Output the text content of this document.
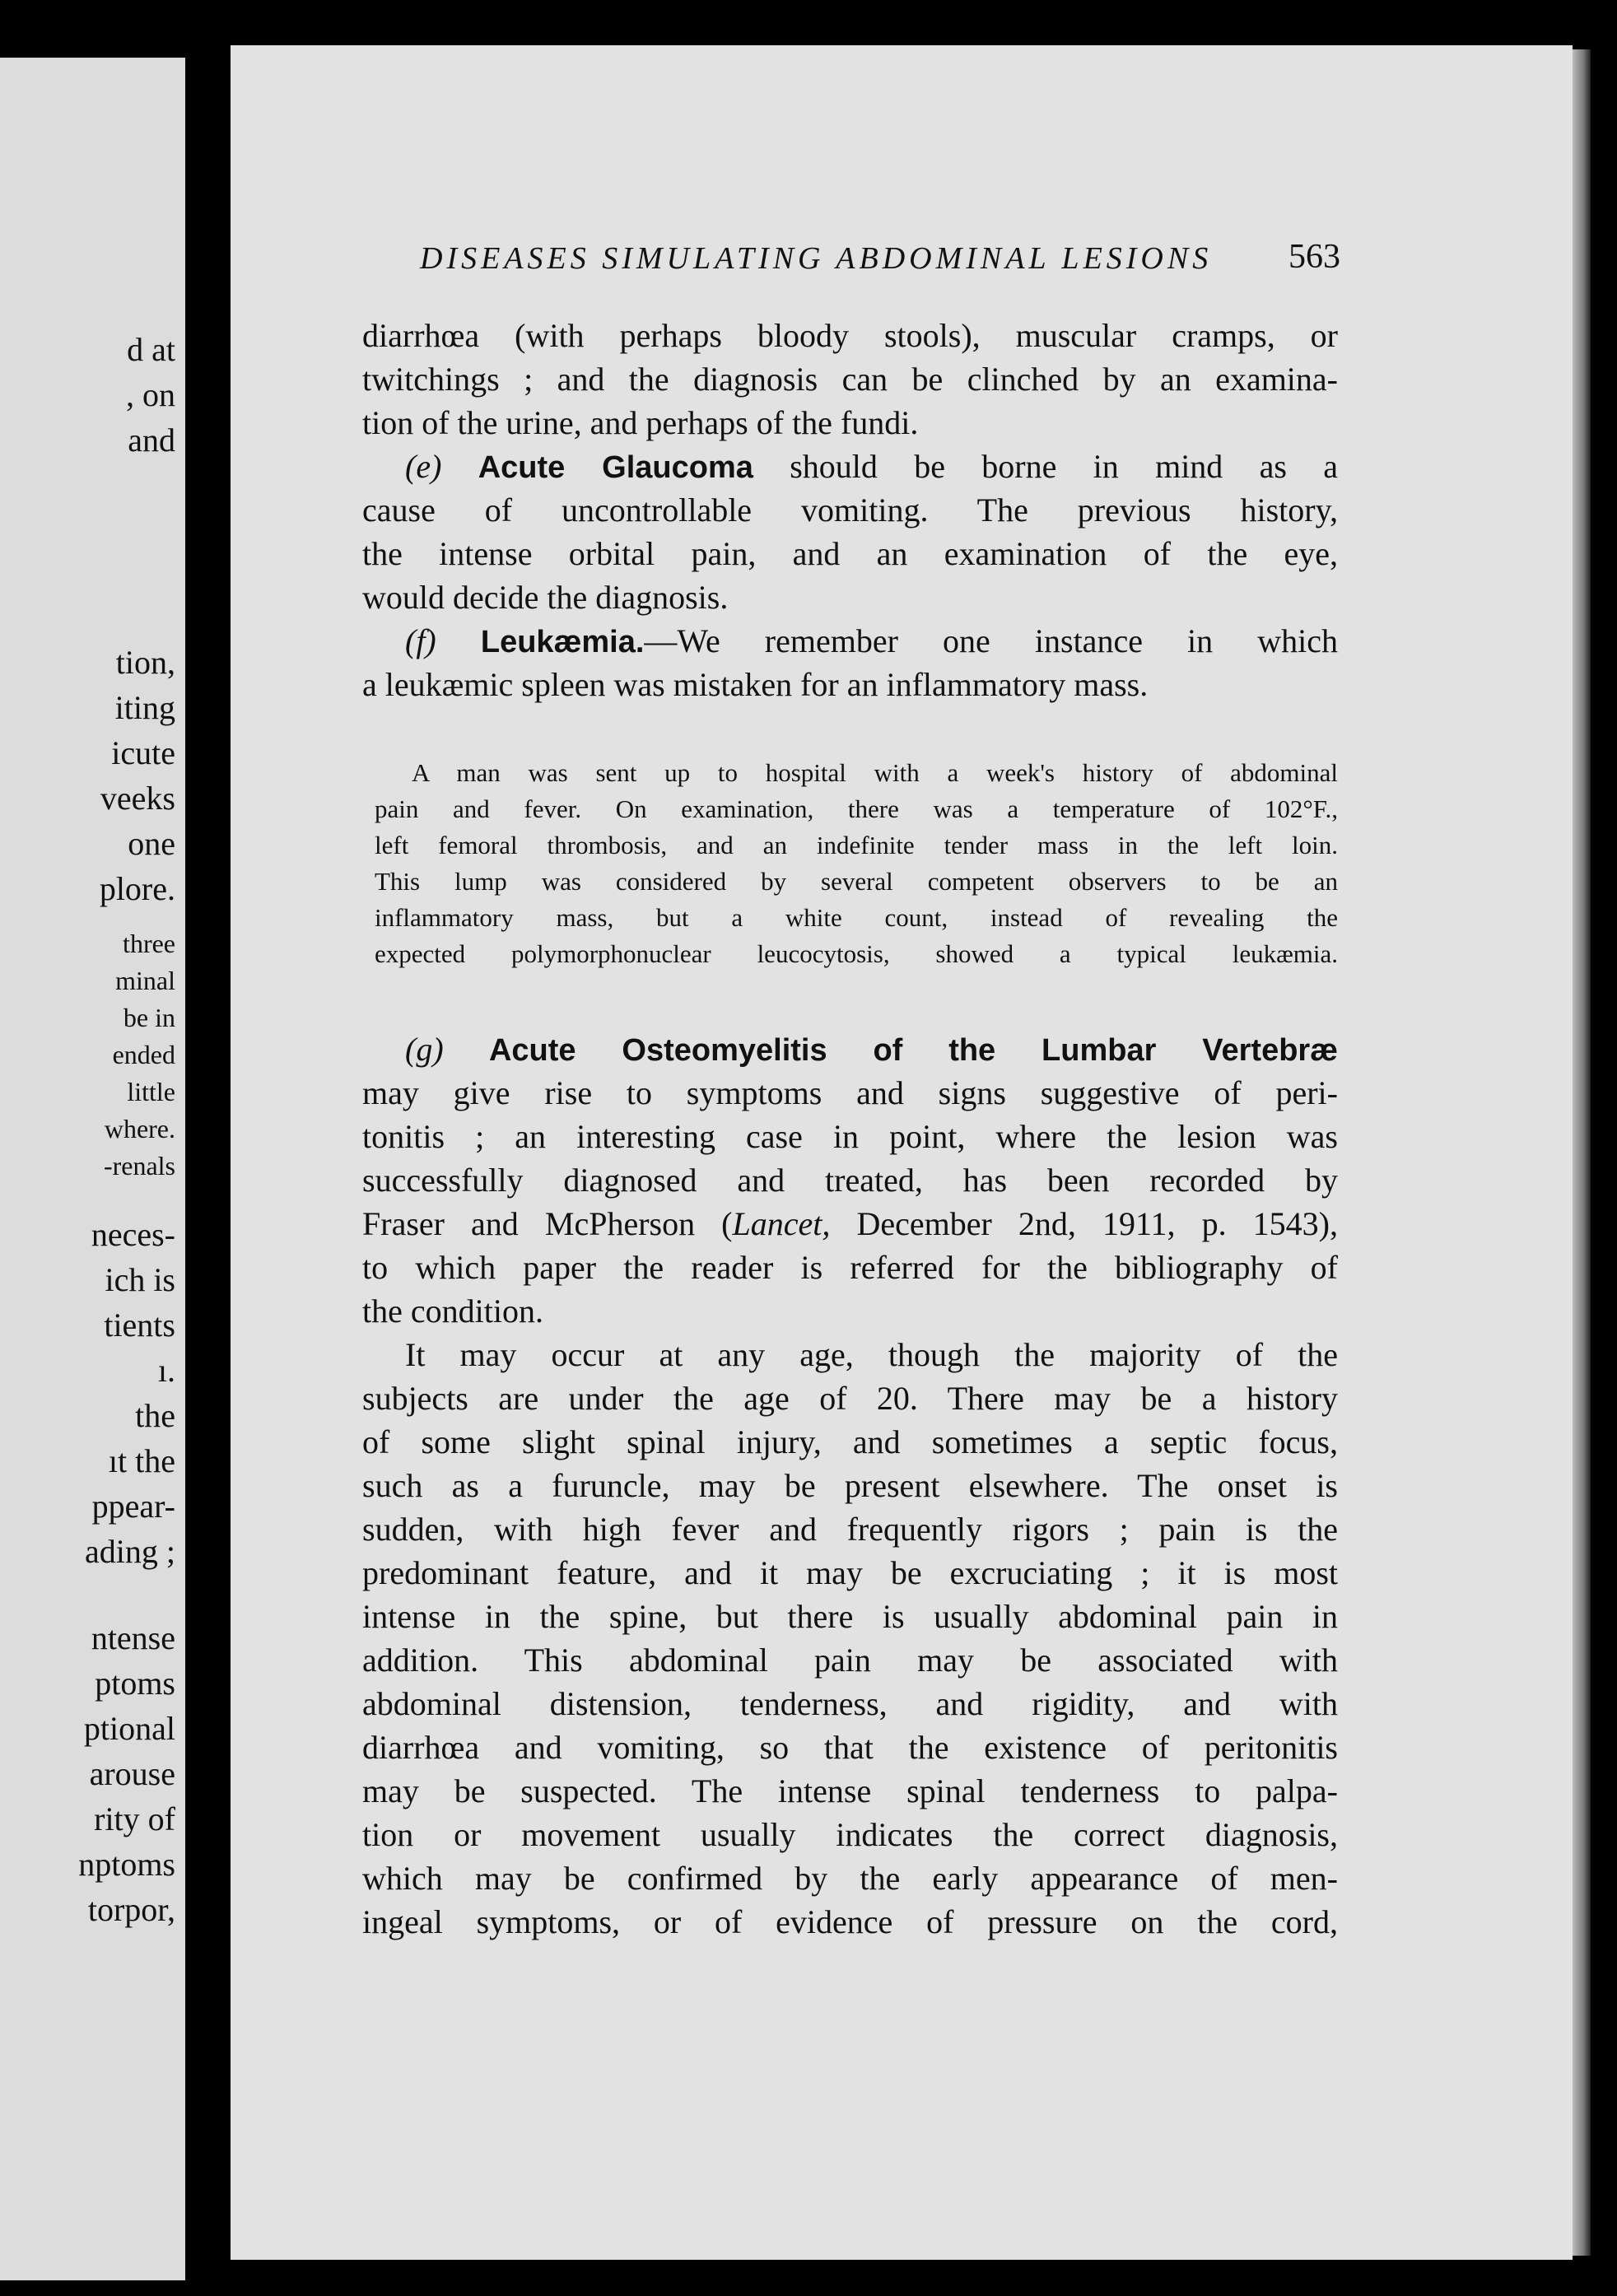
d at
, on
and
tion,
iting
icute
veeks
one
plore.
three
minal
be in
ended
little
where.
-renals
neces-
ich is
tients
ı.
the
ıt the
ppear-
ading ;
ntense
ptoms
ptional
arouse
rity of
nptoms
torpor,
DISEASES SIMULATING ABDOMINAL LESIONS	563
diarrhœa (with perhaps bloody stools), muscular cramps, or
twitchings ; and the diagnosis can be clinched by an examina-
tion of the urine, and perhaps of the fundi.
(e) Acute Glaucoma should be borne in mind as a
cause of uncontrollable vomiting. The previous history,
the intense orbital pain, and an examination of the eye,
would decide the diagnosis.
(f) Leukæmia.—We remember one instance in which
a leukæmic spleen was mistaken for an inflammatory mass.
A man was sent up to hospital with a week's history of abdominal
pain and fever. On examination, there was a temperature of 102°F.,
left femoral thrombosis, and an indefinite tender mass in the left loin.
This lump was considered by several competent observers to be an
inflammatory mass, but a white count, instead of revealing the
expected polymorphonuclear leucocytosis, showed a typical leukæmia.
(g) Acute Osteomyelitis of the Lumbar Vertebræ
may give rise to symptoms and signs suggestive of peri-
tonitis ; an interesting case in point, where the lesion was
successfully diagnosed and treated, has been recorded by
Fraser and McPherson (Lancet, December 2nd, 1911, p. 1543),
to which paper the reader is referred for the bibliography of
the condition.
It may occur at any age, though the majority of the
subjects are under the age of 20. There may be a history
of some slight spinal injury, and sometimes a septic focus,
such as a furuncle, may be present elsewhere. The onset is
sudden, with high fever and frequently rigors ; pain is the
predominant feature, and it may be excruciating ; it is most
intense in the spine, but there is usually abdominal pain in
addition. This abdominal pain may be associated with
abdominal distension, tenderness, and rigidity, and with
diarrhœa and vomiting, so that the existence of peritonitis
may be suspected. The intense spinal tenderness to palpa-
tion or movement usually indicates the correct diagnosis,
which may be confirmed by the early appearance of men-
ingeal symptoms, or of evidence of pressure on the cord,
